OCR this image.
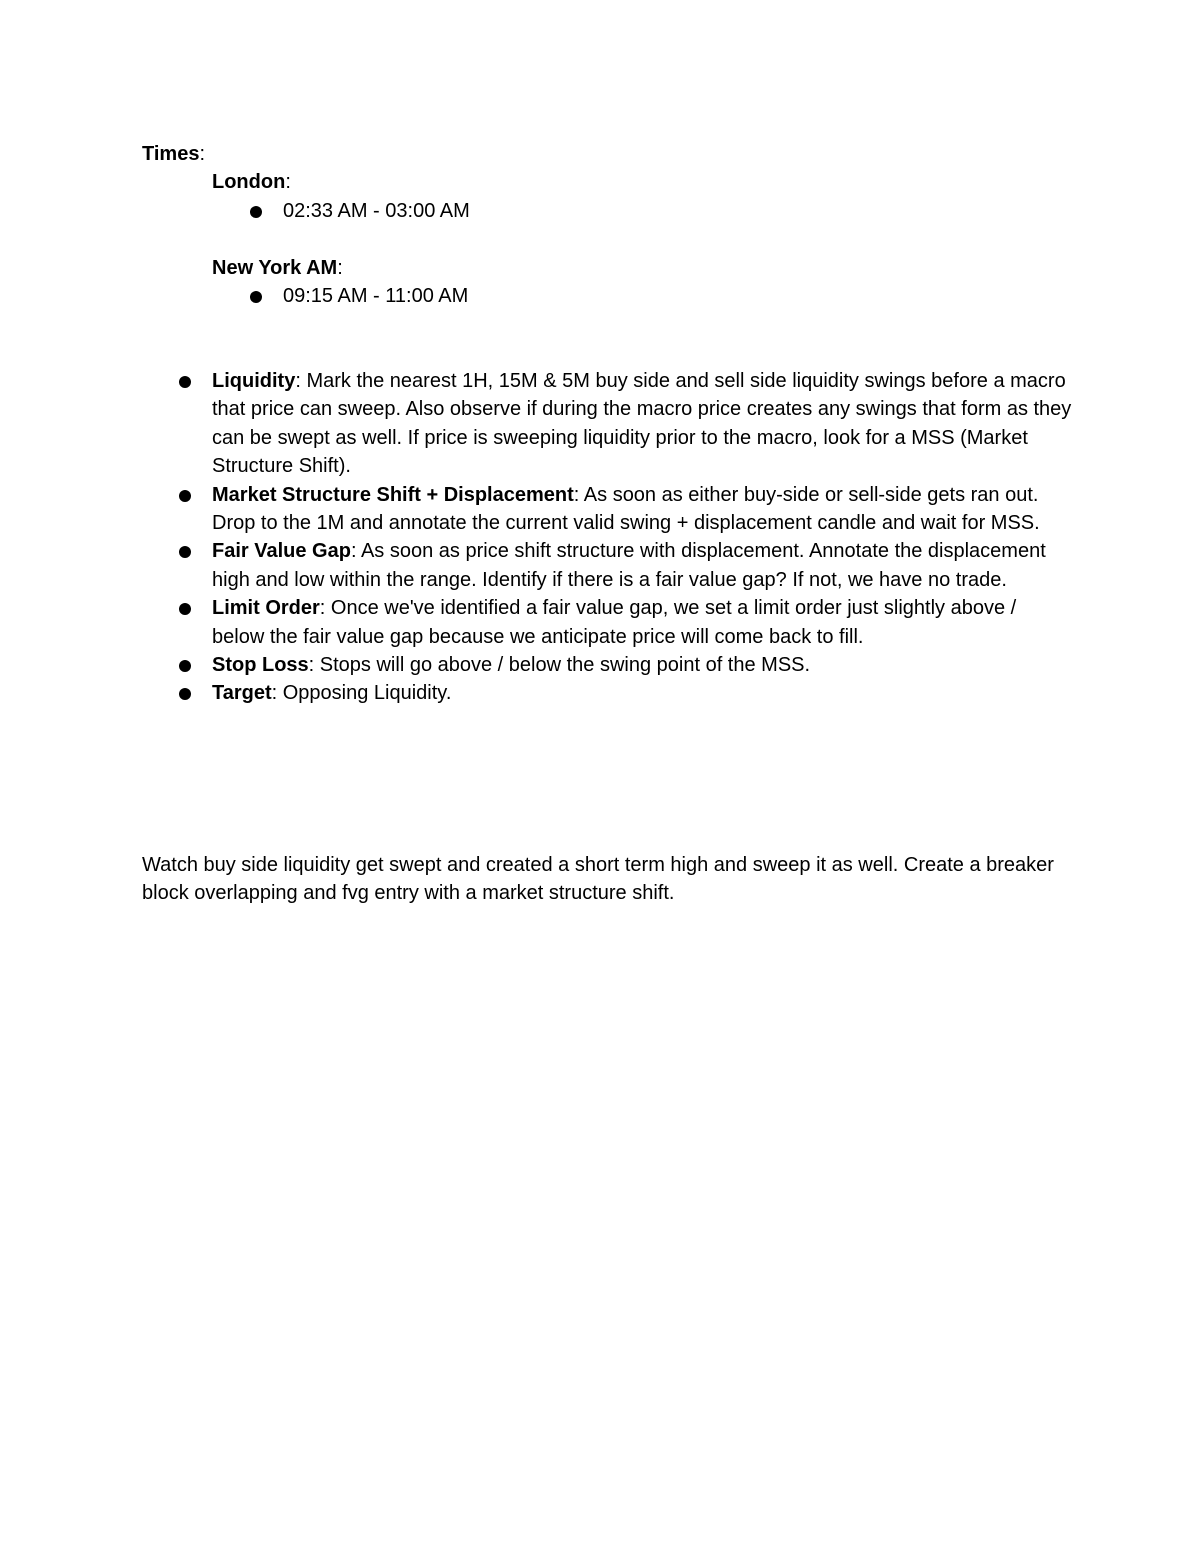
Times:
London:
02:33 AM - 03:00 AM
New York AM:
09:15 AM - 11:00 AM
Liquidity: Mark the nearest 1H, 15M & 5M buy side and sell side liquidity swings before a macro that price can sweep. Also observe if during the macro price creates any swings that form as they can be swept as well. If price is sweeping liquidity prior to the macro, look for a MSS (Market Structure Shift).
Market Structure Shift + Displacement: As soon as either buy-side or sell-side gets ran out. Drop to the 1M and annotate the current valid swing + displacement candle and wait for MSS.
Fair Value Gap: As soon as price shift structure with displacement. Annotate the displacement high and low within the range. Identify if there is a fair value gap? If not, we have no trade.
Limit Order: Once we've identified a fair value gap, we set a limit order just slightly above / below the fair value gap because we anticipate price will come back to fill.
Stop Loss: Stops will go above / below the swing point of the MSS.
Target: Opposing Liquidity.

Watch buy side liquidity get swept and created a short term high and sweep it as well. Create a breaker block overlapping and fvg entry with a market structure shift.
